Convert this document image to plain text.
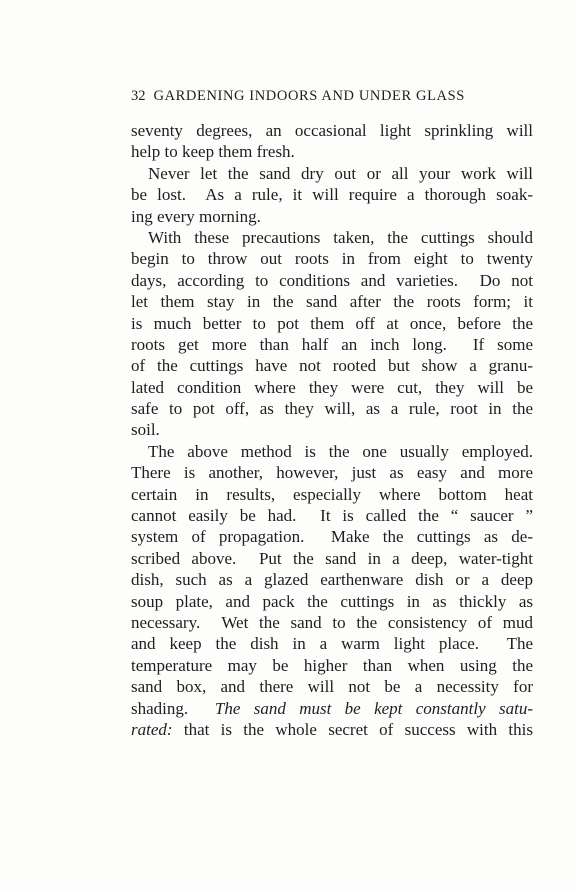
32 GARDENING INDOORS AND UNDER GLASS
seventy degrees, an occasional light sprinkling will
help to keep them fresh.
Never let the sand dry out or all your work will
be lost.  As a rule, it will require a thorough soak-
ing every morning.
With these precautions taken, the cuttings should
begin to throw out roots in from eight to twenty
days, according to conditions and varieties.  Do not
let them stay in the sand after the roots form; it
is much better to pot them off at once, before the
roots get more than half an inch long.  If some
of the cuttings have not rooted but show a granu-
lated condition where they were cut, they will be
safe to pot off, as they will, as a rule, root in the
soil.
The above method is the one usually employed.
There is another, however, just as easy and more
certain in results, especially where bottom heat
cannot easily be had.  It is called the “ saucer ”
system of propagation.  Make the cuttings as de-
scribed above.  Put the sand in a deep, water-tight
dish, such as a glazed earthenware dish or a deep
soup plate, and pack the cuttings in as thickly as
necessary.  Wet the sand to the consistency of mud
and keep the dish in a warm light place.  The
temperature may be higher than when using the
sand box, and there will not be a necessity for
shading.  The sand must be kept constantly satu-
rated: that is the whole secret of success with this
